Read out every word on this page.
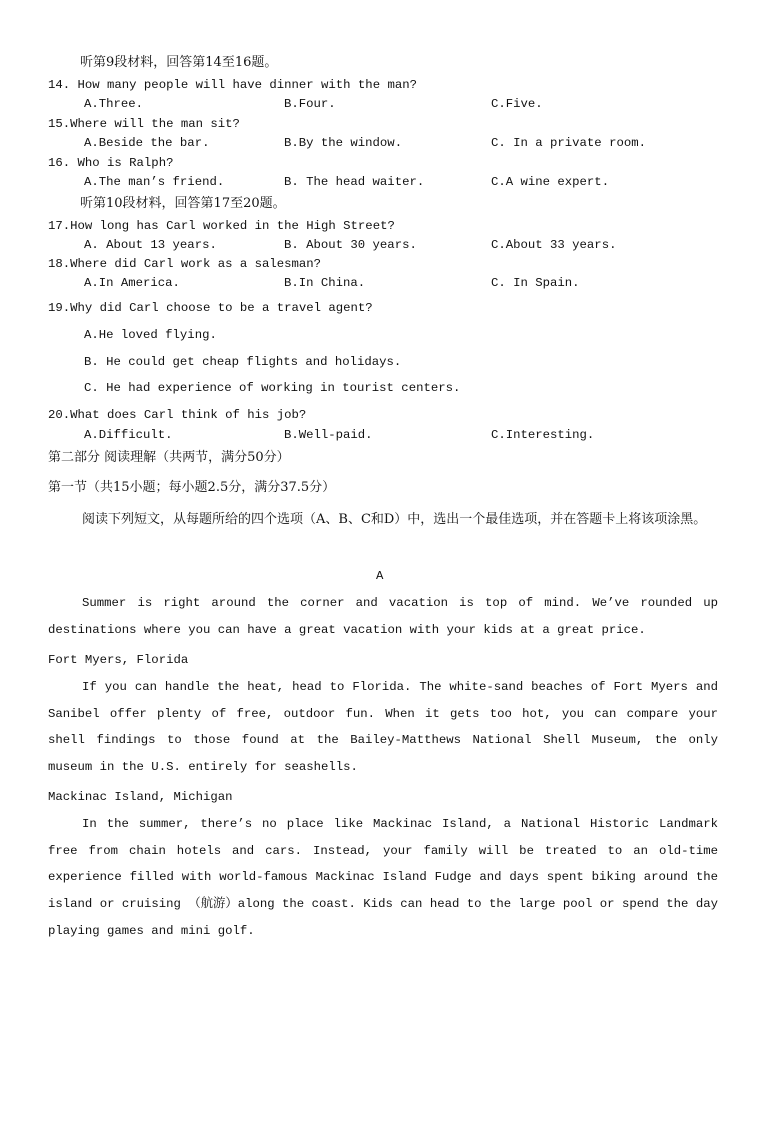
听第9段材料，回答第14至16题。
14. How many people will have dinner with the man?
A.Three.	B.Four.	C.Five.
15.Where will the man sit?
A.Beside the bar.	B.By the window.	C. In a private room.
16. Who is Ralph?
A.The man’s friend.	B. The head waiter.	C.A wine expert.
听第10段材料，回答第17至20题。
17.How long has Carl worked in the High Street?
A. About 13 years.	B. About 30 years.	C.About 33 years.
18.Where did Carl work as a salesman?
A.In America.	B.In China.	C. In Spain.
19.Why did Carl choose to be a travel agent?
A.He loved flying.
B. He could get cheap flights and holidays.
C. He had experience of working in tourist centers.
20.What does Carl think of his job?
A.Difficult.	B.Well-paid.	C.Interesting.
第二部分 阅读理解（共两节，满分50分）
第一节（共15小题；每小题2.5分，满分37.5分）
阅读下列短文，从每题所给的四个选项（A、B、C和D）中，选出一个最佳选项，并在答题卡上将该项涂黑。
A

Summer is right around the corner and vacation is top of mind. We’ve rounded up destinations where you can have a great vacation with your kids at a great price.

Fort Myers, Florida

If you can handle the heat, head to Florida. The white-sand beaches of Fort Myers and Sanibel offer plenty of free, outdoor fun. When it gets too hot, you can compare your shell findings to those found at the Bailey-Matthews National Shell Museum, the only museum in the U.S. entirely for seashells.

Mackinac Island, Michigan

In the summer, there’s no place like Mackinac Island, a National Historic Landmark free from chain hotels and cars. Instead, your family will be treated to an old-time experience filled with world-famous Mackinac Island Fudge and days spent biking around the island or cruising （航游）along the coast. Kids can head to the large pool or spend the day playing games and mini golf.
